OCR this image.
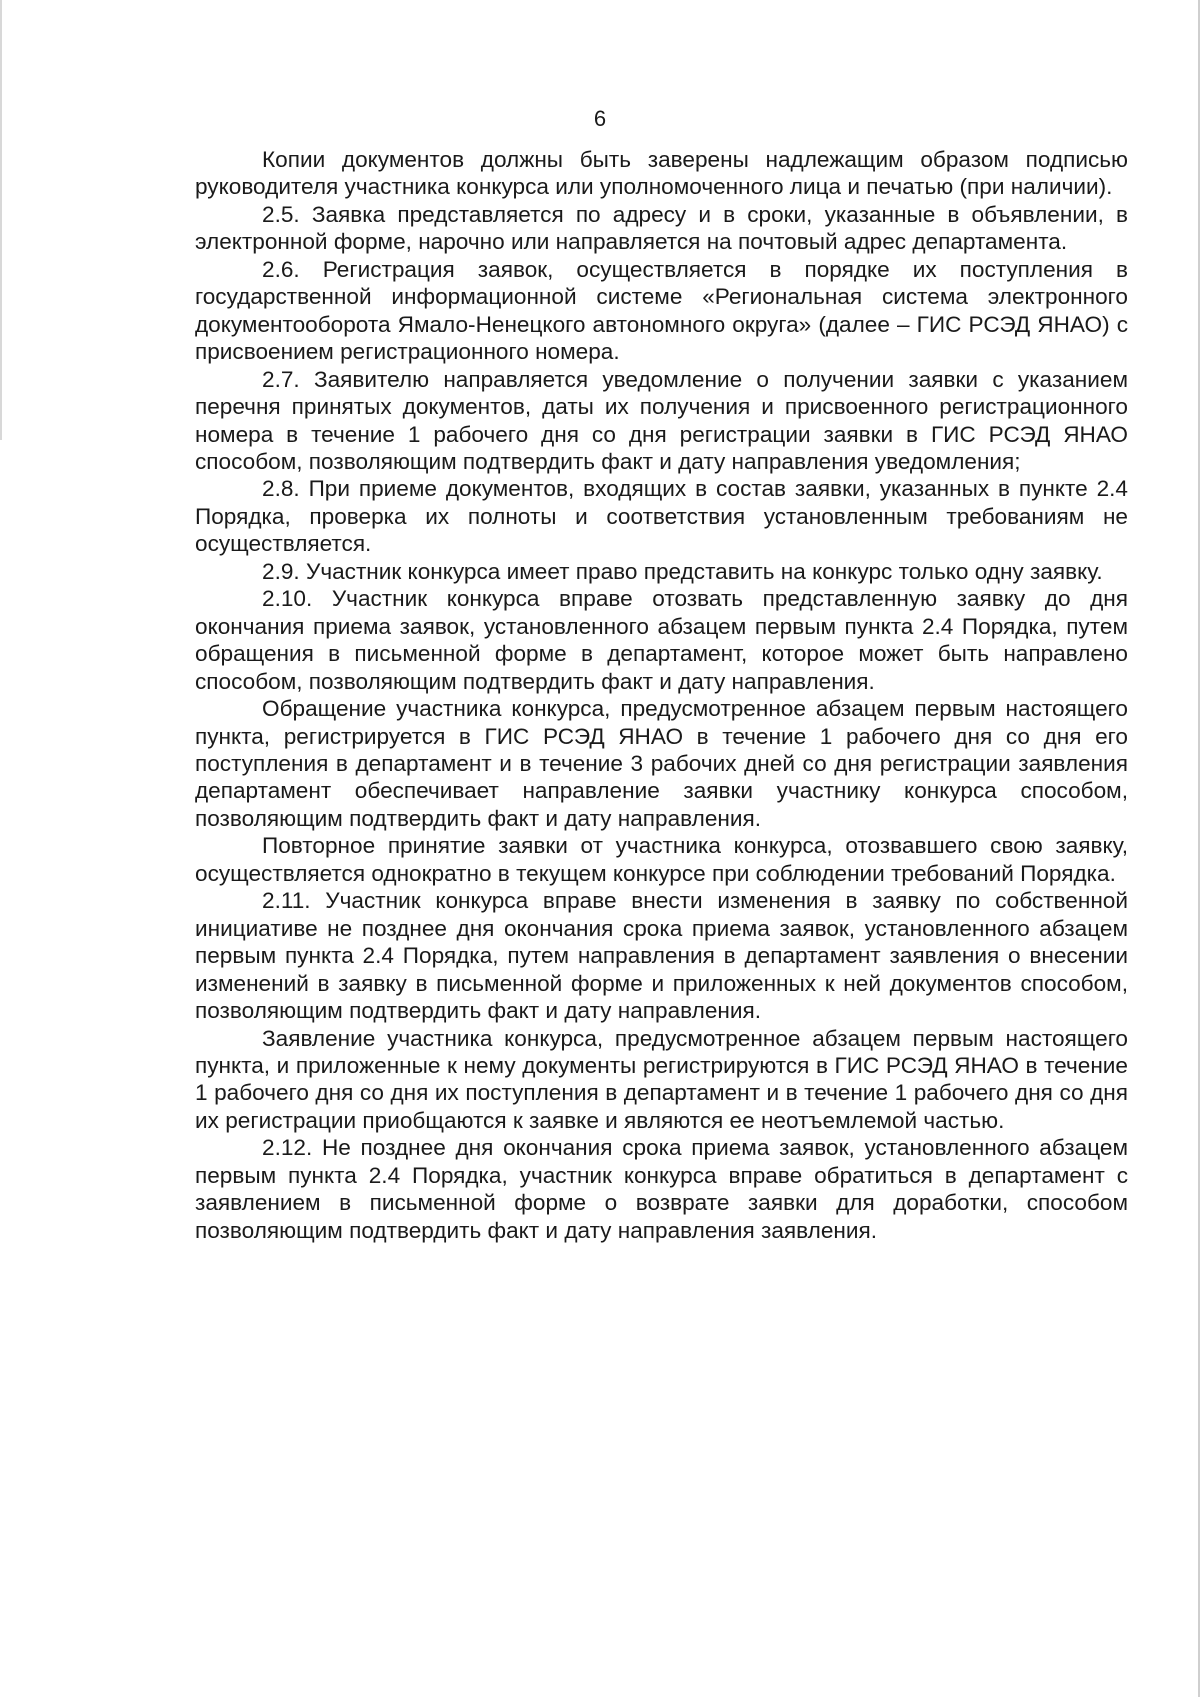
6

Копии документов должны быть заверены надлежащим образом подписью руководителя участника конкурса или уполномоченного лица и печатью (при наличии).

2.5. Заявка представляется по адресу и в сроки, указанные в объявлении, в электронной форме, нарочно или направляется на почтовый адрес департамента.

2.6. Регистрация заявок, осуществляется в порядке их поступления в государственной информационной системе «Региональная система электронного документооборота Ямало-Ненецкого автономного округа» (далее – ГИС РСЭД ЯНАО) с присвоением регистрационного номера.

2.7. Заявителю направляется уведомление о получении заявки с указанием перечня принятых документов, даты их получения и присвоенного регистрационного номера в течение 1 рабочего дня со дня регистрации заявки в ГИС РСЭД ЯНАО способом, позволяющим подтвердить факт и дату направления уведомления;

2.8. При приеме документов, входящих в состав заявки, указанных в пункте 2.4 Порядка, проверка их полноты и соответствия установленным требованиям не осуществляется.

2.9. Участник конкурса имеет право представить на конкурс только одну заявку.

2.10. Участник конкурса вправе отозвать представленную заявку до дня окончания приема заявок, установленного абзацем первым пункта 2.4 Порядка, путем обращения в письменной форме в департамент, которое может быть направлено способом, позволяющим подтвердить факт и дату направления.

Обращение участника конкурса, предусмотренное абзацем первым настоящего пункта, регистрируется в ГИС РСЭД ЯНАО в течение 1 рабочего дня со дня его поступления в департамент и в течение 3 рабочих дней со дня регистрации заявления департамент обеспечивает направление заявки участнику конкурса способом, позволяющим подтвердить факт и дату направления.

Повторное принятие заявки от участника конкурса, отозвавшего свою заявку, осуществляется однократно в текущем конкурсе при соблюдении требований Порядка.

2.11. Участник конкурса вправе внести изменения в заявку по собственной инициативе не позднее дня окончания срока приема заявок, установленного абзацем первым пункта 2.4 Порядка, путем направления в департамент заявления о внесении изменений в заявку в письменной форме и приложенных к ней документов способом, позволяющим подтвердить факт и дату направления.

Заявление участника конкурса, предусмотренное абзацем первым настоящего пункта, и приложенные к нему документы регистрируются в ГИС РСЭД ЯНАО в течение 1 рабочего дня со дня их поступления в департамент и в течение 1 рабочего дня со дня их регистрации приобщаются к заявке и являются ее неотъемлемой частью.

2.12. Не позднее дня окончания срока приема заявок, установленного абзацем первым пункта 2.4 Порядка, участник конкурса вправе обратиться в департамент с заявлением в письменной форме о возврате заявки для доработки, способом позволяющим подтвердить факт и дату направления заявления.
